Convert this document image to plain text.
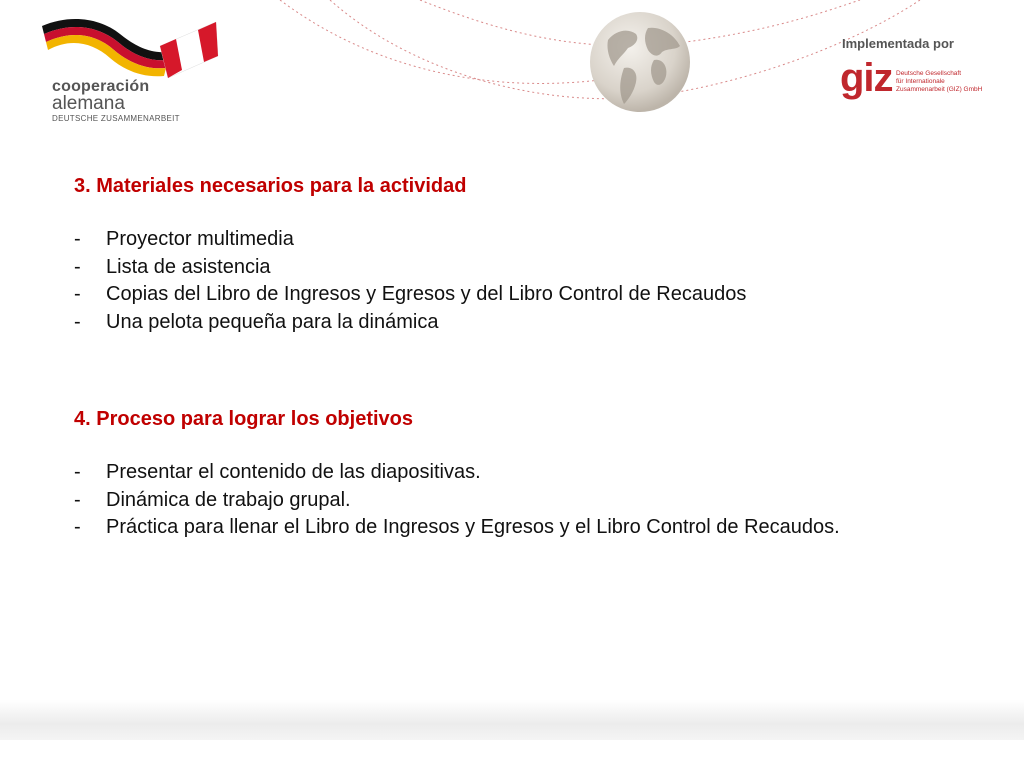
cooperación
alemana
DEUTSCHE ZUSAMMENARBEIT
Implementada por
giz Deutsche Gesellschaft
für Internationale
Zusammenarbeit (GIZ) GmbH
3. Materiales necesarios para la actividad
- Proyector multimedia
- Lista de asistencia
- Copias del Libro de Ingresos y Egresos y del Libro Control de Recaudos
- Una pelota pequeña para la dinámica
4. Proceso para lograr los objetivos
- Presentar el contenido de las diapositivas.
- Dinámica de trabajo grupal.
- Práctica para llenar el Libro de Ingresos y Egresos y el Libro Control de Recaudos.
